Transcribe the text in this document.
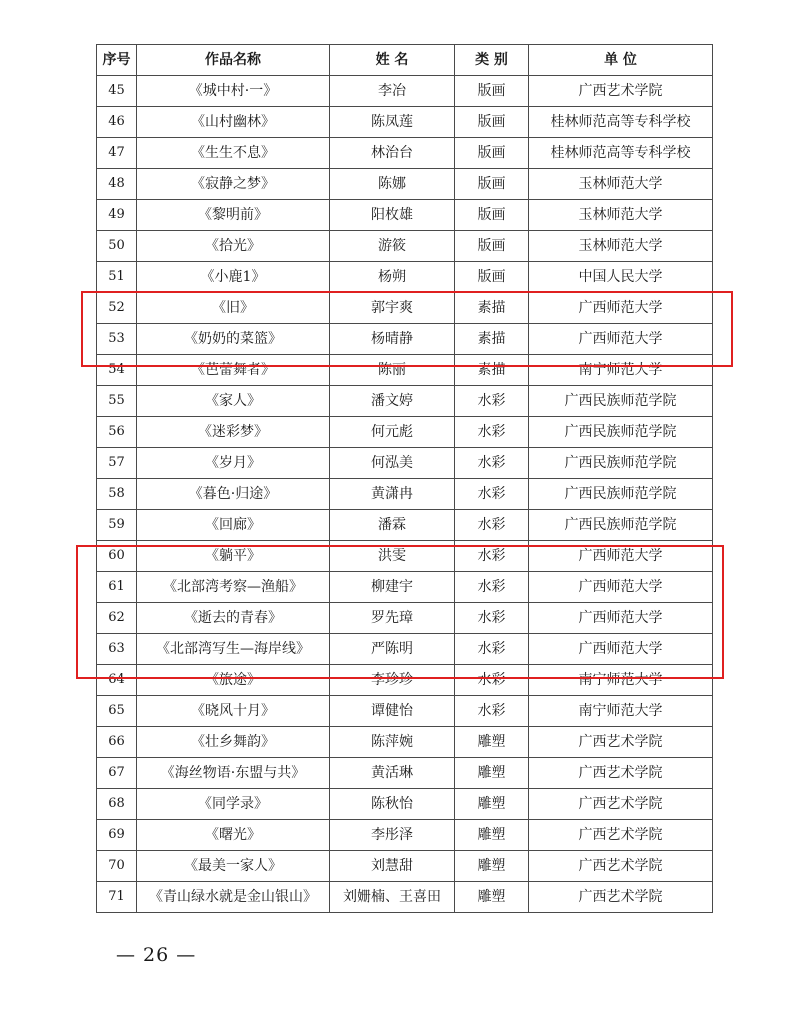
序号	作品名称	姓 名	类 别	单 位
45	《城中村·一》	李冶	版画	广西艺术学院
46	《山村幽林》	陈凤莲	版画	桂林师范高等专科学校
47	《生生不息》	林治台	版画	桂林师范高等专科学校
48	《寂静之梦》	陈娜	版画	玉林师范大学
49	《黎明前》	阳枚雄	版画	玉林师范大学
50	《拾光》	游筱	版画	玉林师范大学
51	《小鹿1》	杨朔	版画	中国人民大学
52	《旧》	郭宇爽	素描	广西师范大学
53	《奶奶的菜篮》	杨晴静	素描	广西师范大学
54	《芭蕾舞者》	陈丽	素描	南宁师范大学
55	《家人》	潘文婷	水彩	广西民族师范学院
56	《迷彩梦》	何元彪	水彩	广西民族师范学院
57	《岁月》	何泓美	水彩	广西民族师范学院
58	《暮色·归途》	黄潇冉	水彩	广西民族师范学院
59	《回廊》	潘霖	水彩	广西民族师范学院
60	《躺平》	洪雯	水彩	广西师范大学
61	《北部湾考察—渔船》	柳建宇	水彩	广西师范大学
62	《逝去的青春》	罗先璋	水彩	广西师范大学
63	《北部湾写生—海岸线》	严陈明	水彩	广西师范大学
64	《旅途》	李珍珍	水彩	南宁师范大学
65	《晓风十月》	谭健怡	水彩	南宁师范大学
66	《壮乡舞韵》	陈萍婉	雕塑	广西艺术学院
67	《海丝物语·东盟与共》	黄活琳	雕塑	广西艺术学院
68	《同学录》	陈秋怡	雕塑	广西艺术学院
69	《曙光》	李彤泽	雕塑	广西艺术学院
70	《最美一家人》	刘慧甜	雕塑	广西艺术学院
71	《青山绿水就是金山银山》	刘姗楠、王喜田	雕塑	广西艺术学院
— 26 —
